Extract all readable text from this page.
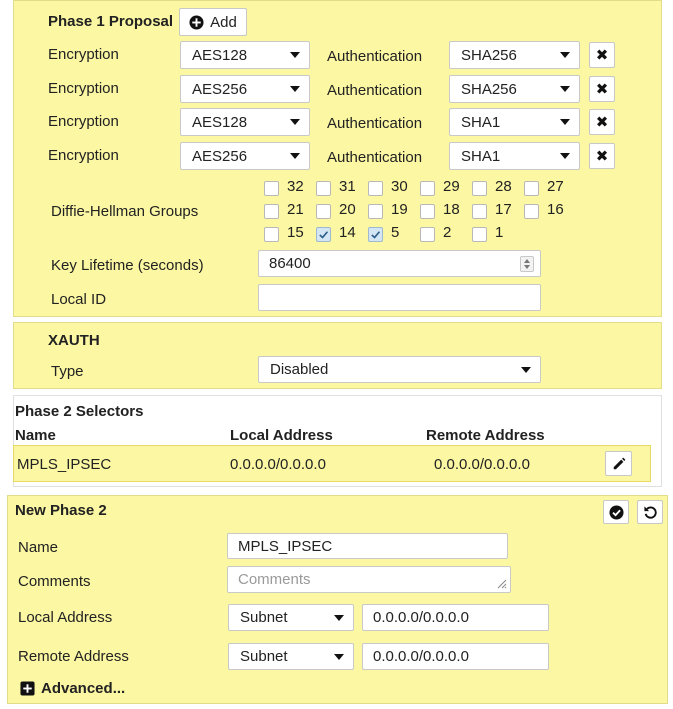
Phase 1 Proposal Add
Encryption	AES128	Authentication	SHA256	✖
Encryption	AES256	Authentication	SHA256	✖
Encryption	AES128	Authentication	SHA1	✖
Encryption	AES256	Authentication	SHA1	✖
Diffie-Hellman Groups
32 31 30 29 28 27
21 20 19 18 17 16
15 14 5	2	1
Key Lifetime (seconds)	86400
Local ID
XAUTH
Type	Disabled
Phase 2 Selectors
Name	Local Address	Remote Address
MPLS_IPSEC	0.0.0.0/0.0.0.0	0.0.0.0/0.0.0.0
New Phase 2
Name	MPLS_IPSEC
Comments	Comments
Local Address	Subnet	0.0.0.0/0.0.0.0
Remote Address	Subnet	0.0.0.0/0.0.0.0
Advanced...
